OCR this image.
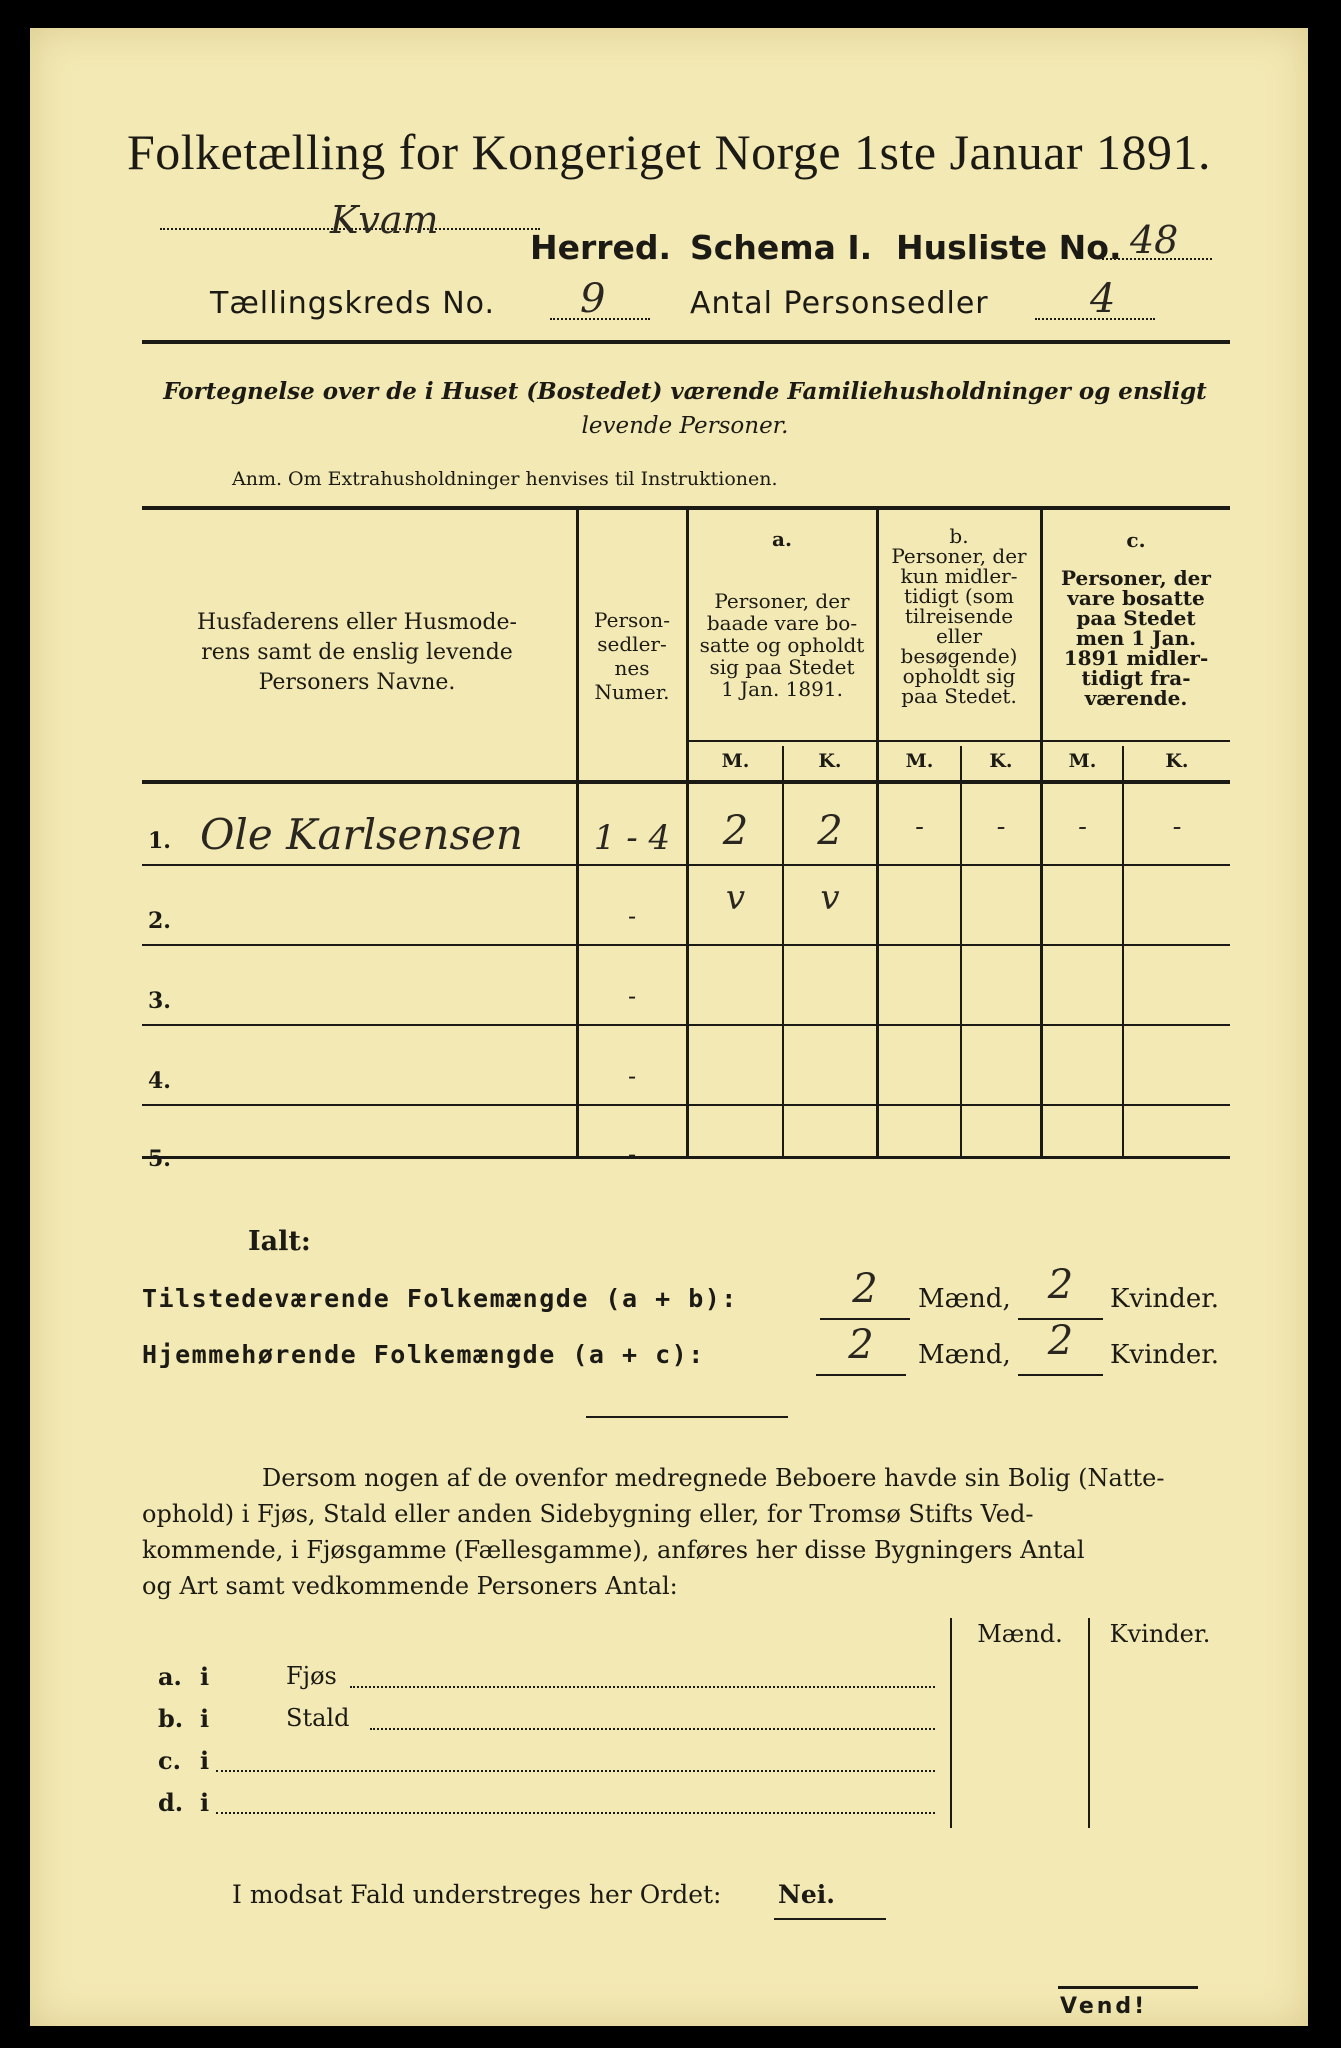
Folketælling for Kongeriget Norge 1ste Januar 1891.
Kvam
Herred. Schema I. Husliste No. 48
Tællingskreds No. 9	Antal Personsedler	4
Fortegnelse over de i Huset (Bostedet) værende Familiehusholdninger og ensligt
levende Personer.
Anm. Om Extrahusholdninger henvises til Instruktionen.
Husfaderens eller Husmode-
rens samt de enslig levende
Personers Navne.
Person-
sedler-
nes
Numer.
a.
Personer, der
baade vare bo-
satte og opholdt
sig paa Stedet
1 Jan. 1891.
b.
Personer, der
kun midler-
tidigt (som
tilreisende
eller
besøgende)
opholdt sig
paa Stedet.
c.
Personer, der
vare bosatte
paa Stedet
men 1 Jan.
1891 midler-
tidigt fra-
værende.
M.	K.	M.	K.	M.	K.
1. Ole Karlsensen	1 - 4	2	2	-	-	-	-
2.	-	v	v
3.	-
4.	-
5.	-
Ialt:
Tilstedeværende Folkemængde (a + b):	2	Mænd, 2	Kvinder.
Hjemmehørende Folkemængde (a + c):	2	Mænd, 2	Kvinder.
Dersom nogen af de ovenfor medregnede Beboere havde sin Bolig (Natte-
ophold) i Fjøs, Stald eller anden Sidebygning eller, for Tromsø Stifts Ved-
kommende, i Fjøsgamme (Fællesgamme), anføres her disse Bygningers Antal
og Art samt vedkommende Personers Antal:
Mænd.	Kvinder.
a. i	Fjøs
b. i	Stald
c. i
d. i
I modsat Fald understreges her Ordet: Nei.
Vend!
